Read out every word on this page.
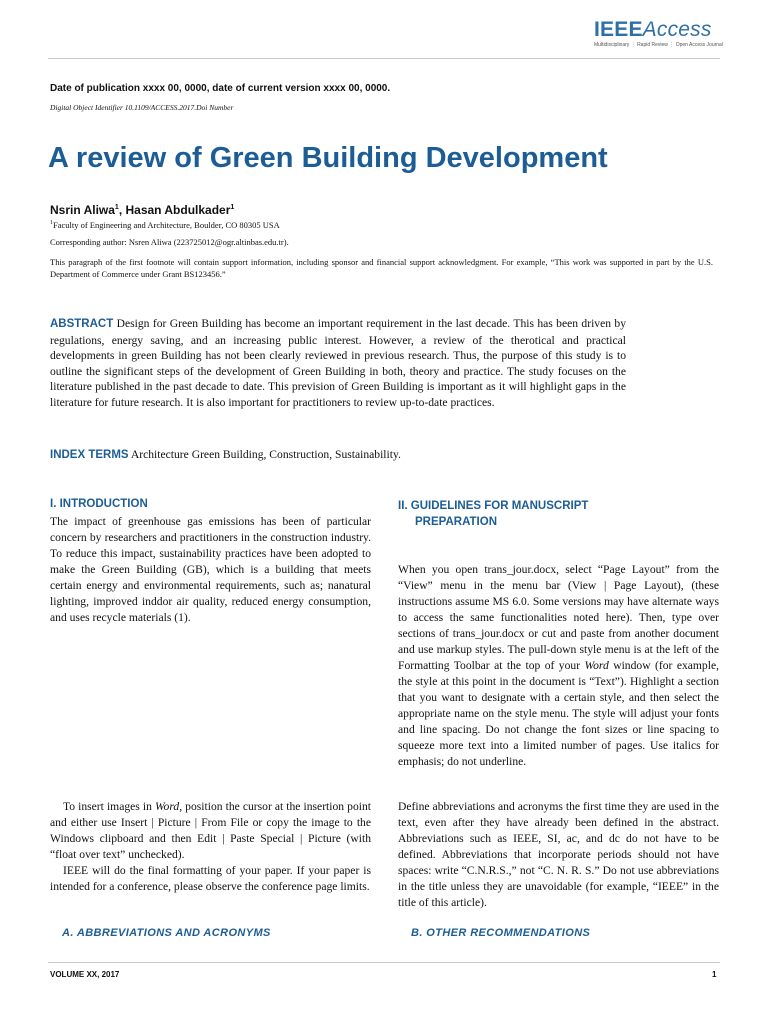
IEEEAccess
Multidisciplinary ⋮ Rapid Review ⋮ Open Access Journal
Date of publication xxxx 00, 0000, date of current version xxxx 00, 0000.
Digital Object Identifier 10.1109/ACCESS.2017.Doi Number
A review of Green Building Development
Nsrin Aliwa$^1$, Hasan Abdulkader$^1$
$^1$Faculty of Engineering and Architecture, Boulder, CO 80305 USA
Corresponding author: Nsren Aliwa (223725012@ogr.altinbas.edu.tr).
This paragraph of the first footnote will contain support information, including sponsor and financial support acknowledgment. For example, “This work was supported in part by the U.S. Department of Commerce under Grant BS123456.”
ABSTRACT Design for Green Building has become an important requirement in the last decade. This has been driven by regulations, energy saving, and an increasing public interest. However, a review of the therotical and practical developments in green Building has not been clearly reviewed in previous research. Thus, the purpose of this study is to outline the significant steps of the development of Green Building in both, theory and practice. The study focuses on the literature published in the past decade to date. This prevision of Green Building is important as it will highlight gaps in the literature for future research. It is also important for practitioners to review up-to-date practices.
INDEX TERMS Architecture Green Building, Construction, Sustainability.
I. INTRODUCTION
The impact of greenhouse gas emissions has been of particular concern by researchers and practitioners in the construction industry. To reduce this impact, sustainability practices have been adopted to make the Green Building (GB), which is a building that meets certain energy and environmental requirements, such as; nanatural lighting, improved inddor air quality, reduced energy consumption, and uses recycle materials (1).
To insert images in Word, position the cursor at the insertion point and either use Insert | Picture | From File or copy the image to the Windows clipboard and then Edit | Paste Special | Picture (with “float over text” unchecked).
IEEE will do the final formatting of your paper. If your paper is intended for a conference, please observe the conference page limits.
A. ABBREVIATIONS AND ACRONYMS
II. GUIDELINES FOR MANUSCRIPT
PREPARATION
When you open trans_jour.docx, select “Page Layout” from the “View” menu in the menu bar (View | Page Layout), (these instructions assume MS 6.0. Some versions may have alternate ways to access the same functionalities noted here). Then, type over sections of trans_jour.docx or cut and paste from another document and use markup styles. The pull-down style menu is at the left of the Formatting Toolbar at the top of your Word window (for example, the style at this point in the document is “Text”). Highlight a section that you want to designate with a certain style, and then select the appropriate name on the style menu. The style will adjust your fonts and line spacing. Do not change the font sizes or line spacing to squeeze more text into a limited number of pages. Use italics for emphasis; do not underline.
Define abbreviations and acronyms the first time they are used in the text, even after they have already been defined in the abstract. Abbreviations such as IEEE, SI, ac, and dc do not have to be defined. Abbreviations that incorporate periods should not have spaces: write “C.N.R.S.,” not “C. N. R. S.” Do not use abbreviations in the title unless they are unavoidable (for example, “IEEE” in the title of this article).
B. OTHER RECOMMENDATIONS
VOLUME XX, 2017	1
